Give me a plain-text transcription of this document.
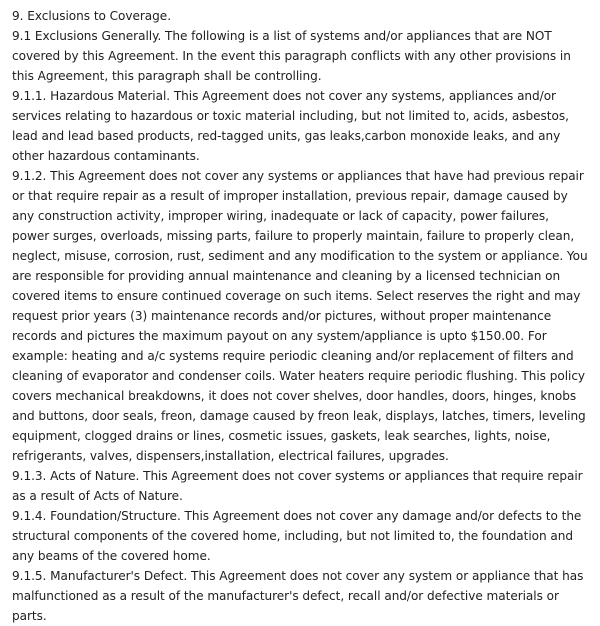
9. Exclusions to Coverage.

9.1 Exclusions Generally. The following is a list of systems and/or appliances that are NOT covered by this Agreement. In the event this paragraph conflicts with any other provisions in this Agreement, this paragraph shall be controlling.

9.1.1. Hazardous Material. This Agreement does not cover any systems, appliances and/or services relating to hazardous or toxic material including, but not limited to, acids, asbestos, lead and lead based products, red-tagged units, gas leaks,carbon monoxide leaks, and any other hazardous contaminants.

9.1.2. This Agreement does not cover any systems or appliances that have had previous repair or that require repair as a result of improper installation, previous repair, damage caused by any construction activity, improper wiring, inadequate or lack of capacity, power failures, power surges, overloads, missing parts, failure to properly maintain, failure to properly clean, neglect, misuse, corrosion, rust, sediment and any modification to the system or appliance. You are responsible for providing annual maintenance and cleaning by a licensed technician on covered items to ensure continued coverage on such items. Select reserves the right and may request prior years (3) maintenance records and/or pictures, without proper maintenance records and pictures the maximum payout on any system/appliance is upto $150.00. For example: heating and a/c systems require periodic cleaning and/or replacement of filters and cleaning of evaporator and condenser coils. Water heaters require periodic flushing. This policy covers mechanical breakdowns, it does not cover shelves, door handles, doors, hinges, knobs and buttons, door seals, freon, damage caused by freon leak, displays, latches, timers, leveling equipment, clogged drains or lines, cosmetic issues, gaskets, leak searches, lights, noise, refrigerants, valves, dispensers,installation, electrical failures, upgrades.

9.1.3. Acts of Nature. This Agreement does not cover systems or appliances that require repair as a result of Acts of Nature.

9.1.4. Foundation/Structure. This Agreement does not cover any damage and/or defects to the structural components of the covered home, including, but not limited to, the foundation and any beams of the covered home.

9.1.5. Manufacturer's Defect. This Agreement does not cover any system or appliance that has malfunctioned as a result of the manufacturer's defect, recall and/or defective materials or parts.
